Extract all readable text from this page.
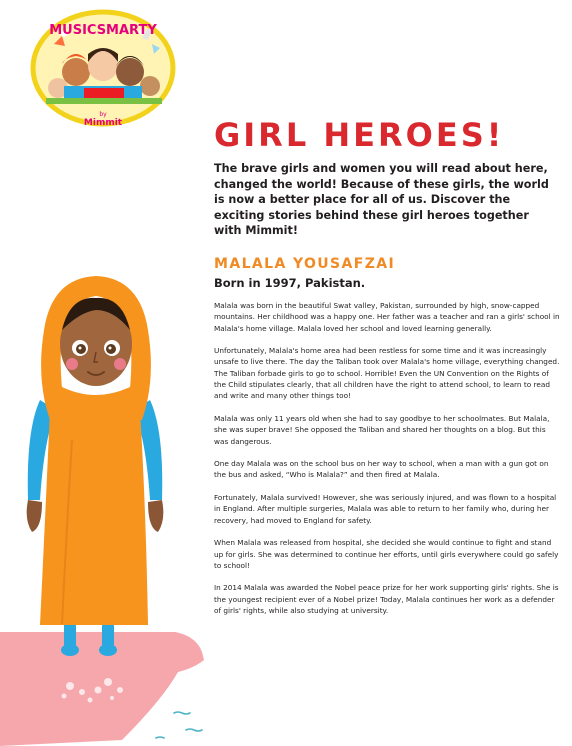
MUSICSMARTY
by
Mimmit	GIRL HEROES!

The brave girls and women you will read about here, changed the world! Because of these girls, the world is now a better place for all of us. Discover the exciting stories behind these girl heroes together with Mimmit!

MALALA YOUSAFZAI

Born in 1997, Pakistan.

Malala was born in the beautiful Swat valley, Pakistan, surrounded by high, snow-capped mountains. Her childhood was a happy one. Her father was a teacher and ran a girls' school in Malala's home village. Malala loved her school and loved learning generally.

Unfortunately, Malala's home area had been restless for some time and it was increasingly unsafe to live there. The day the Taliban took over Malala's home village, everything changed. The Taliban forbade girls to go to school. Horrible! Even the UN Convention on the Rights of the Child stipulates clearly, that all children have the right to attend school, to learn to read and write and many other things too!

Malala was only 11 years old when she had to say goodbye to her schoolmates. But Malala, she was super brave! She opposed the Taliban and shared her thoughts on a blog. But this was dangerous.

One day Malala was on the school bus on her way to school, when a man with a gun got on the bus and asked, “Who is Malala?” and then fired at Malala.

Fortunately, Malala survived! However, she was seriously injured, and was flown to a hospital in England. After multiple surgeries, Malala was able to return to her family who, during her recovery, had moved to England for safety.

When Malala was released from hospital, she decided she would continue to fight and stand up for girls. She was determined to continue her efforts, until girls everywhere could go safely to school!

In 2014 Malala was awarded the Nobel peace prize for her work supporting girls' rights. She is the youngest recipient ever of a Nobel prize! Today, Malala continues her work as a defender of girls' rights, while also studying at university.
